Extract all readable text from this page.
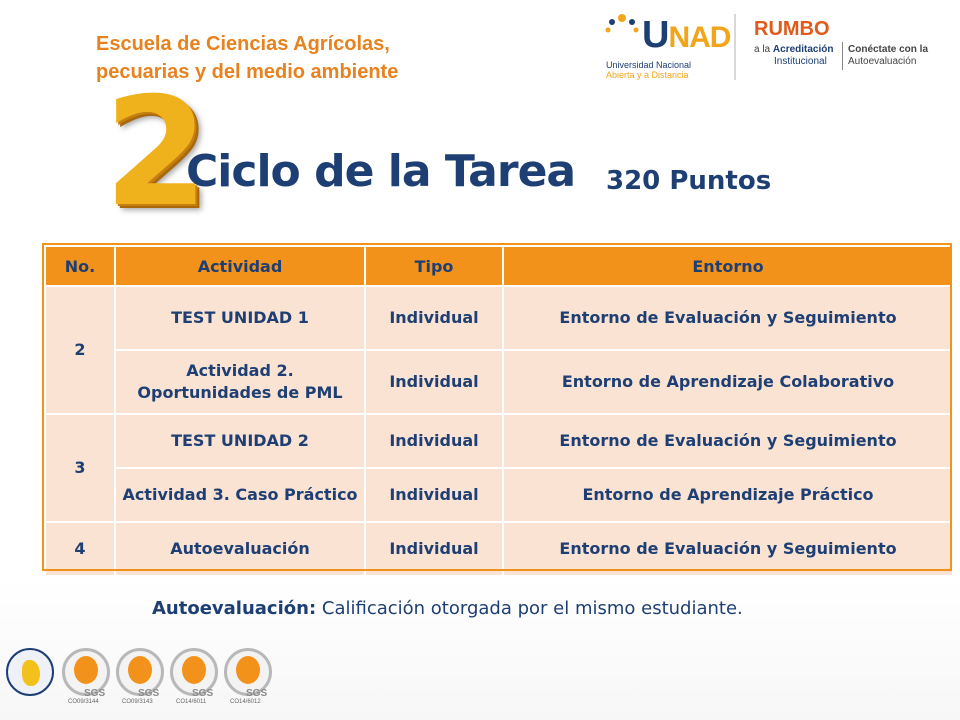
Escuela de Ciencias Agrícolas,
pecuarias y del medio ambiente
UNAD
Universidad Nacional
Abierta y a Distancia
RUMBO
a la Acreditación
Institucional
Conéctate con la
Autoevaluación
2
Ciclo de la Tarea 320 Puntos
No.	Actividad	Tipo	Entorno
2	TEST UNIDAD 1	Individual	Entorno de Evaluación y Seguimiento
	Actividad 2. Oportunidades de PML	Individual	Entorno de Aprendizaje Colaborativo
3	TEST UNIDAD 2	Individual	Entorno de Evaluación y Seguimiento
	Actividad 3. Caso Práctico	Individual	Entorno de Aprendizaje Práctico
4	Autoevaluación	Individual	Entorno de Evaluación y Seguimiento
Autoevaluación: Calificación otorgada por el mismo estudiante.
SGS
CO09/3144
SGS
CO09/3143
SGS
CO14/6011
SGS
CO14/6012
